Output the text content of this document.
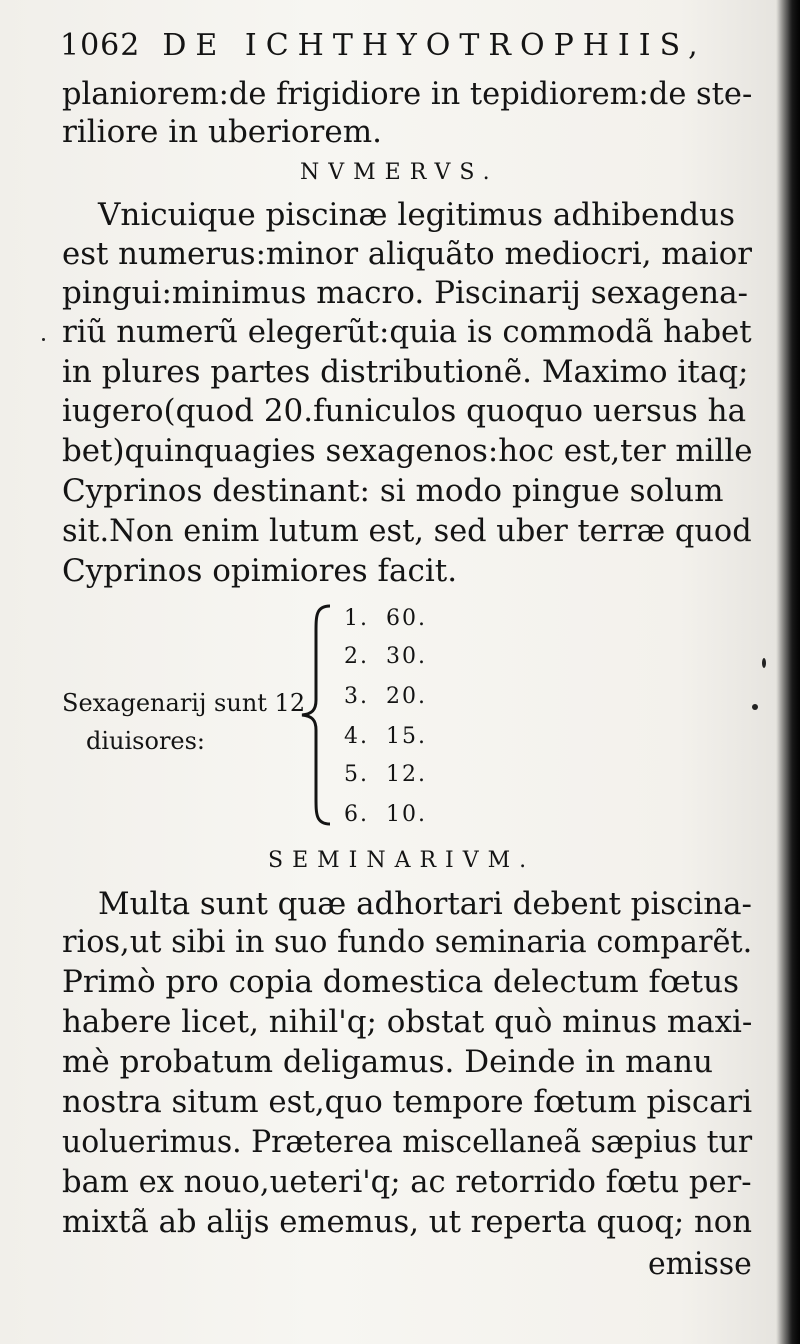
1062 DE ICHTHYOTROPHIIS,
planiorem:de frigidiore in tepidiorem:de ste-
riliore in uberiorem.
NVMERVS.
Vnicuique piscinæ legitimus adhibendus
est numerus:minor aliquãto mediocri, maior
pingui:minimus macro. Piscinarij sexagena-
riũ numerũ elegerũt:quia is commodã habet
in plures partes distributionẽ. Maximo itaq;
iugero(quod 20.funiculos quoquo uersus ha
bet)quinquagies sexagenos:hoc est,ter mille
Cyprinos destinant: si modo pingue solum
sit.Non enim lutum est, sed uber terræ quod
Cyprinos opimiores facit.
Sexagenarij sunt 12
diuisores:
1. 60.
2. 30.
3. 20.
4. 15.
5. 12.
6. 10.
SEMINARIVM.
Multa sunt quæ adhortari debent piscina-
rios,ut sibi in suo fundo seminaria comparẽt.
Primò pro copia domestica delectum fœtus
habere licet, nihil'q; obstat quò minus maxi-
mè probatum deligamus. Deinde in manu
nostra situm est,quo tempore fœtum piscari
uoluerimus. Præterea miscellaneã sæpius tur
bam ex nouo,ueteri'q; ac retorrido fœtu per-
mixtã ab alijs ememus, ut reperta quoq; non
emisse
